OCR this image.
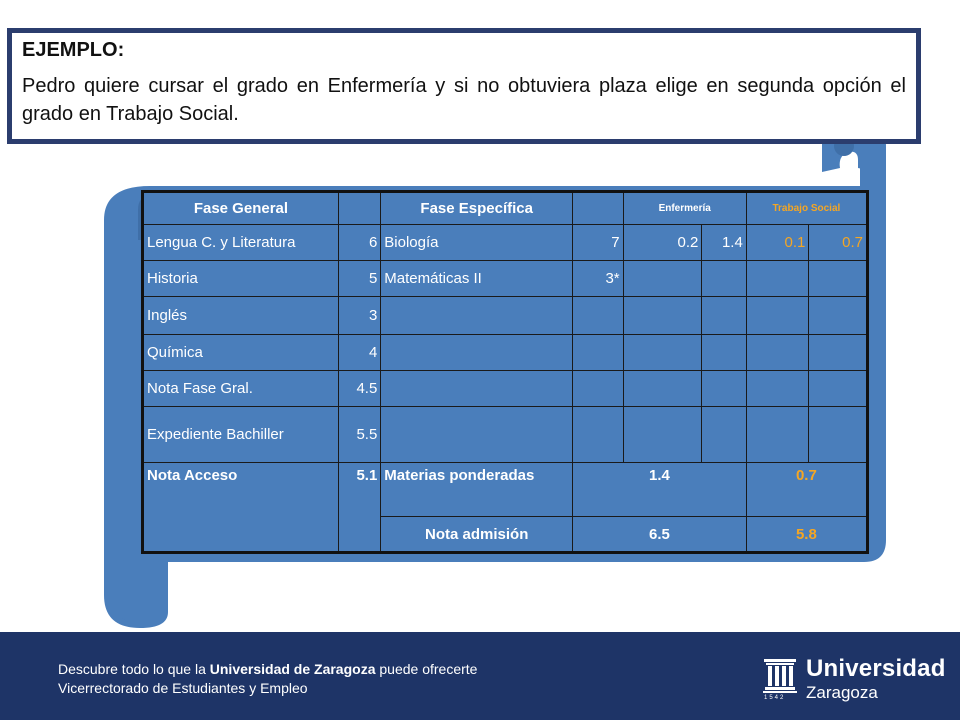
EJEMPLO:
Pedro quiere cursar el grado en Enfermería y si no obtuviera plaza elige en segunda opción el grado en Trabajo Social.
Fase General		Fase Específica		Enfermería		Trabajo Social	
Lengua C. y Literatura	6	Biología	7	0.2	1.4	0.1	0.7
Historia	5	Matemáticas II	3*				
Inglés	3						
Química	4						
Nota Fase Gral.	4.5						
Expediente Bachiller	5.5						
Nota Acceso	5.1	Materias ponderadas	1.4			0.7	
		Nota admisión	6.5			5.8	
Descubre todo lo que la Universidad de Zaragoza puede ofrecerte
Vicerrectorado de Estudiantes y Empleo
1542
Universidad
Zaragoza
